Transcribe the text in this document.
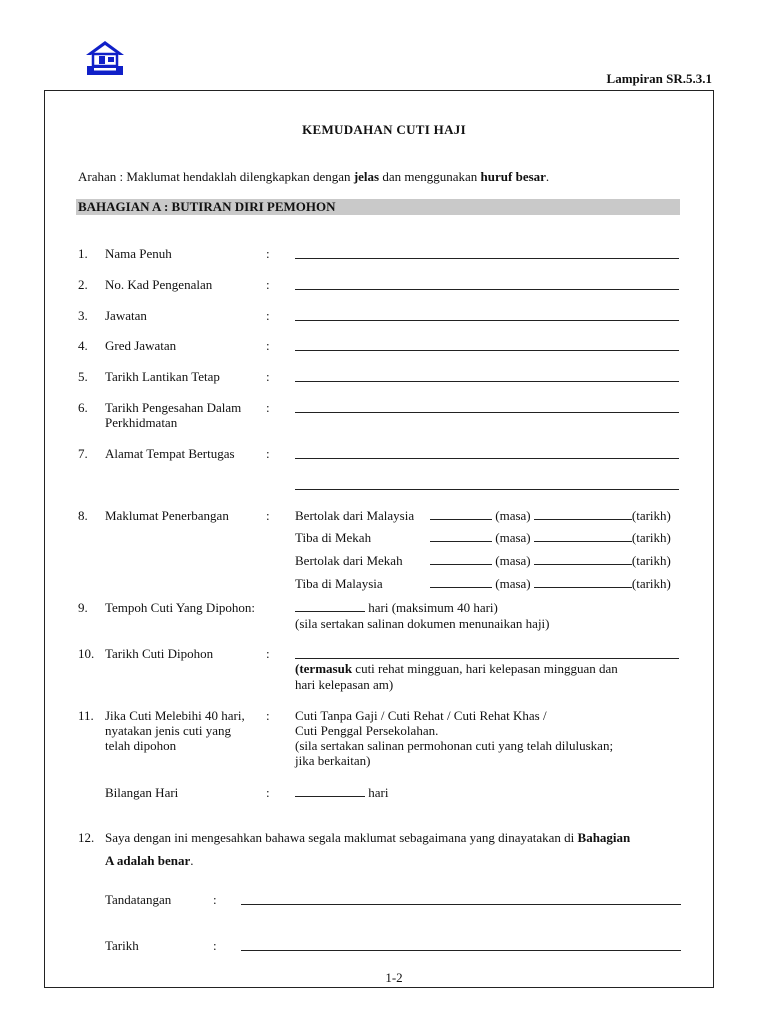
Lampiran SR.5.3.1
KEMUDAHAN CUTI HAJI
Arahan : Maklumat hendaklah dilengkapkan dengan jelas dan menggunakan huruf besar.
BAHAGIAN A : BUTIRAN DIRI PEMOHON
1. Nama Penuh	:
2. No. Kad Pengenalan	:
3. Jawatan	:
4. Gred Jawatan	:
5. Tarikh Lantikan Tetap	:
6. Tarikh Pengesahan Dalam
Perkhidmatan
:
7. Alamat Tempat Bertugas :
8. Maklumat Penerbangan	: Bertolak dari Malaysia	(masa)	(tarikh)
Tiba di Mekah	(masa)	(tarikh)
Bertolak dari Mekah	(masa)	(tarikh)
Tiba di Malaysia	(masa)	(tarikh)
9. Tempoh Cuti Yang Dipohon:	hari (maksimum 40 hari)
(sila sertakan salinan dokumen menunaikan haji)
10. Tarikh Cuti Dipohon	:
(termasuk cuti rehat mingguan, hari kelepasan mingguan dan
hari kelepasan am)
11. Jika Cuti Melebihi 40 hari,
nyatakan jenis cuti yang
telah dipohon
: Cuti Tanpa Gaji / Cuti Rehat / Cuti Rehat Khas /
Cuti Penggal Persekolahan.
(sila sertakan salinan permohonan cuti yang telah diluluskan;
jika berkaitan)
Bilangan Hari	:	hari
12. Saya dengan ini mengesahkan bahawa segala maklumat sebagaimana yang dinayatakan di Bahagian
A adalah benar.
Tandatangan	:
Tarikh	:
1-2
